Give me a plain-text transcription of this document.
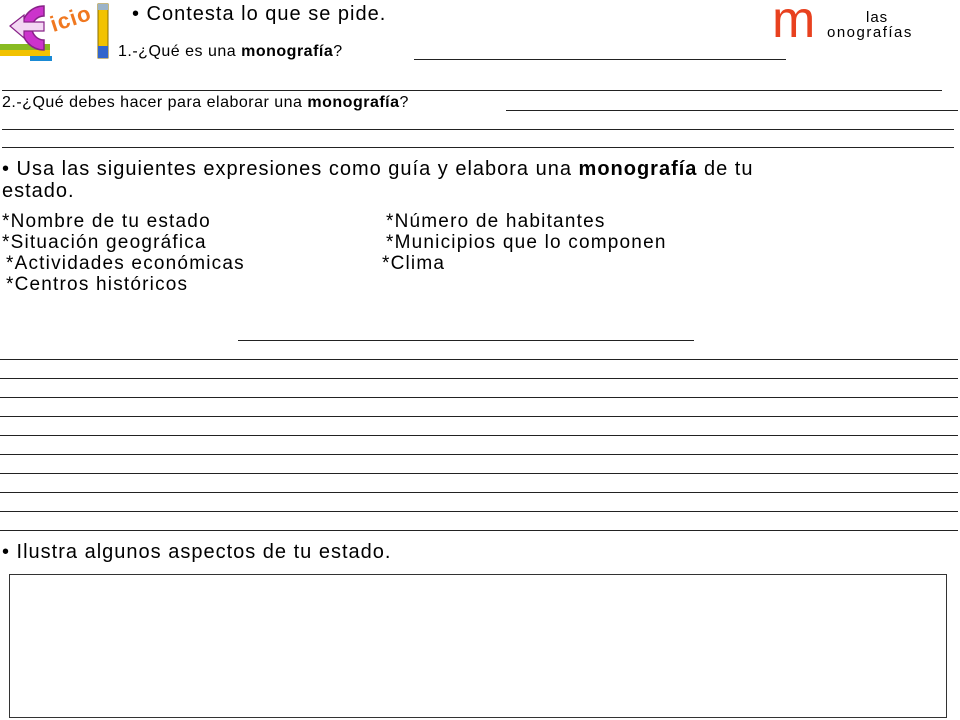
icio	m	las
onografías
• Contesta lo que se pide.
1.-¿Qué es una monografía?
2.-¿Qué debes hacer para elaborar una monografía?
• Usa las siguientes expresiones como guía y elabora una monografía de tu
estado.
*Nombre de tu estado
*Situación geográfica
*Actividades económicas
*Centros históricos
*Número de habitantes
*Municipios que lo componen
*Clima
• Ilustra algunos aspectos de tu estado.
